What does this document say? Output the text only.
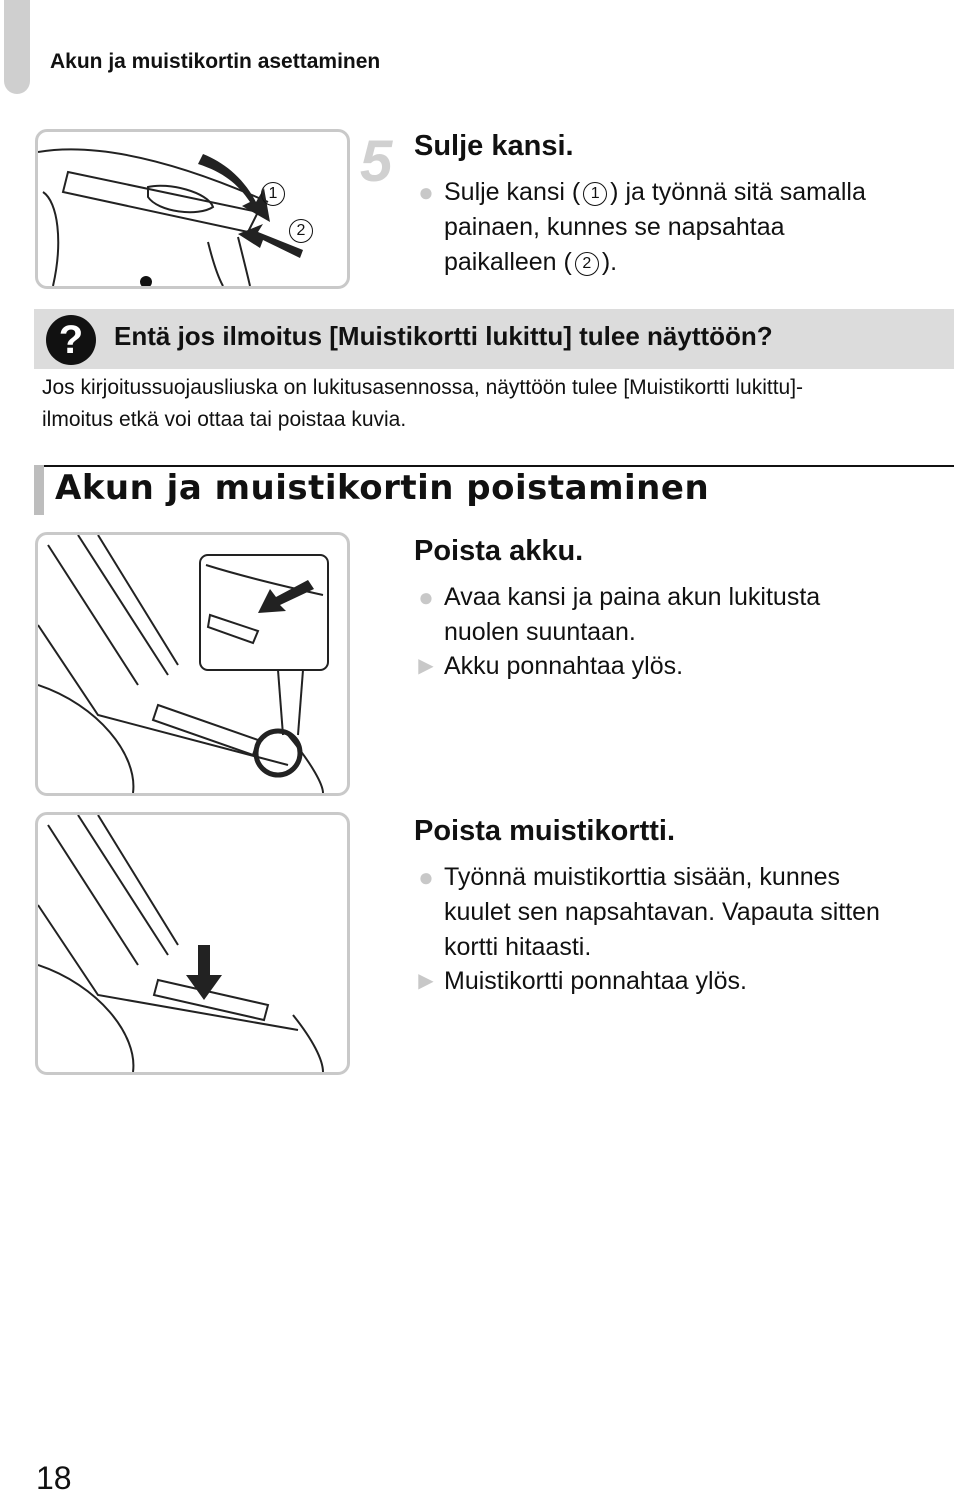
Akun ja muistikortin asettaminen
1
2
5 Sulje kansi.
● Sulje kansi ( 1 ) ja työnnä sitä samalla
painaen, kunnes se napsahtaa
paikalleen ( 2 ).
?	Entä jos ilmoitus [Muistikortti lukittu] tulee näyttöön?
Jos kirjoitussuojausliuska on lukitusasennossa, näyttöön tulee [Muistikortti lukittu]-
ilmoitus etkä voi ottaa tai poistaa kuvia.
Akun ja muistikortin poistaminen
Poista akku.
● Avaa kansi ja paina akun lukitusta
nuolen suuntaan.
▶ Akku ponnahtaa ylös.
Poista muistikortti.
● Työnnä muistikorttia sisään, kunnes
kuulet sen napsahtavan. Vapauta sitten
kortti hitaasti.
▶ Muistikortti ponnahtaa ylös.
18
